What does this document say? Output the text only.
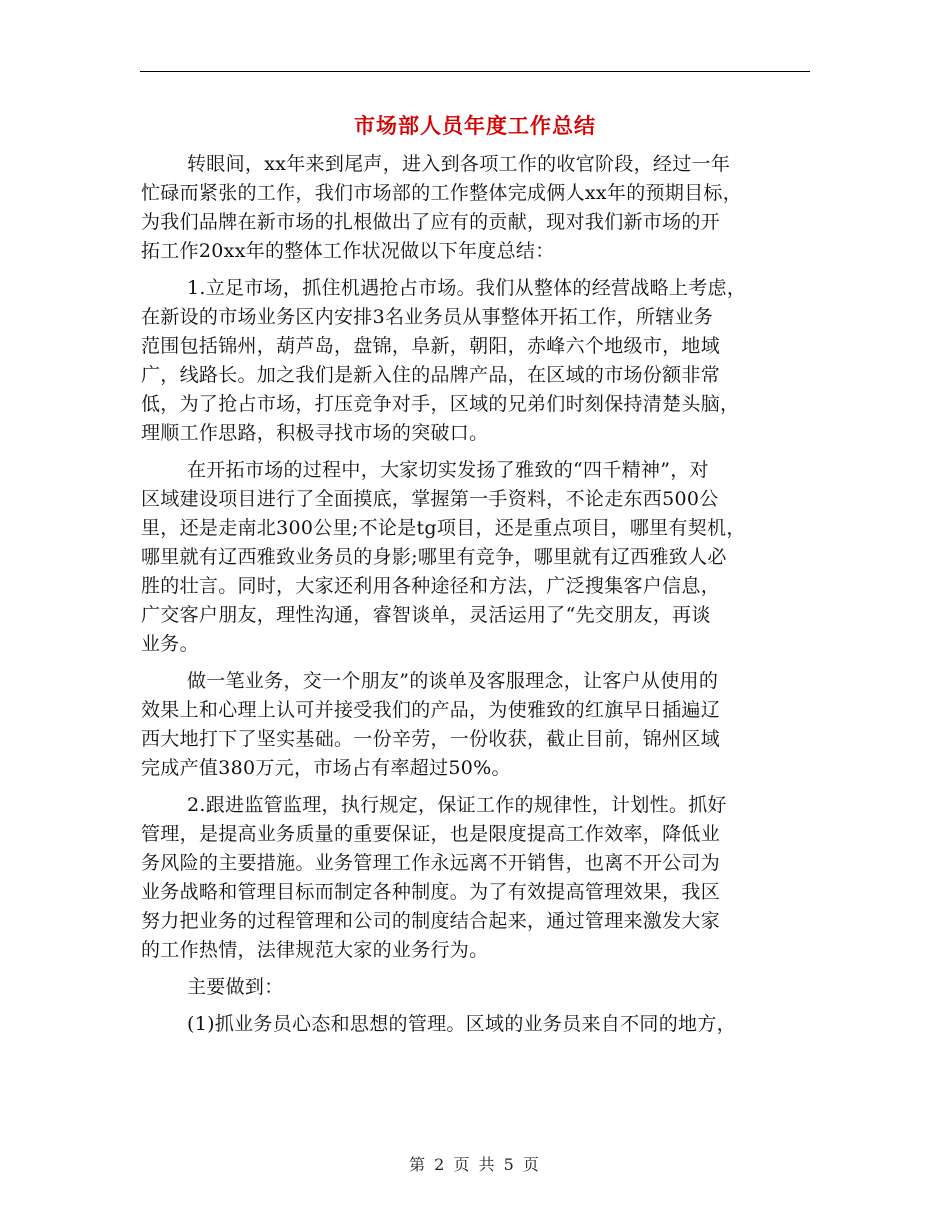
市场部人员年度工作总结
转眼间，xx年来到尾声，进入到各项工作的收官阶段，经过一年
忙碌而紧张的工作，我们市场部的工作整体完成俩人xx年的预期目标，
为我们品牌在新市场的扎根做出了应有的贡献，现对我们新市场的开
拓工作20xx年的整体工作状况做以下年度总结：
1.立足市场，抓住机遇抢占市场。我们从整体的经营战略上考虑，
在新设的市场业务区内安排3名业务员从事整体开拓工作，所辖业务
范围包括锦州，葫芦岛，盘锦，阜新，朝阳，赤峰六个地级市，地域
广，线路长。加之我们是新入住的品牌产品，在区域的市场份额非常
低，为了抢占市场，打压竞争对手，区域的兄弟们时刻保持清楚头脑，
理顺工作思路，积极寻找市场的突破口。
在开拓市场的过程中，大家切实发扬了雅致的“四千精神”，对
区域建设项目进行了全面摸底，掌握第一手资料，不论走东西500公
里，还是走南北300公里;不论是tg项目，还是重点项目，哪里有契机，
哪里就有辽西雅致业务员的身影;哪里有竞争，哪里就有辽西雅致人必
胜的壮言。同时，大家还利用各种途径和方法，广泛搜集客户信息，
广交客户朋友，理性沟通，睿智谈单，灵活运用了“先交朋友，再谈
业务。
做一笔业务，交一个朋友”的谈单及客服理念，让客户从使用的
效果上和心理上认可并接受我们的产品，为使雅致的红旗早日插遍辽
西大地打下了坚实基础。一份辛劳，一份收获，截止目前，锦州区域
完成产值380万元，市场占有率超过50%。
2.跟进监管监理，执行规定，保证工作的规律性，计划性。抓好
管理，是提高业务质量的重要保证，也是限度提高工作效率，降低业
务风险的主要措施。业务管理工作永远离不开销售，也离不开公司为
业务战略和管理目标而制定各种制度。为了有效提高管理效果，我区
努力把业务的过程管理和公司的制度结合起来，通过管理来激发大家
的工作热情，法律规范大家的业务行为。
主要做到：
(1)抓业务员心态和思想的管理。区域的业务员来自不同的地方，
第 2 页 共 5 页
